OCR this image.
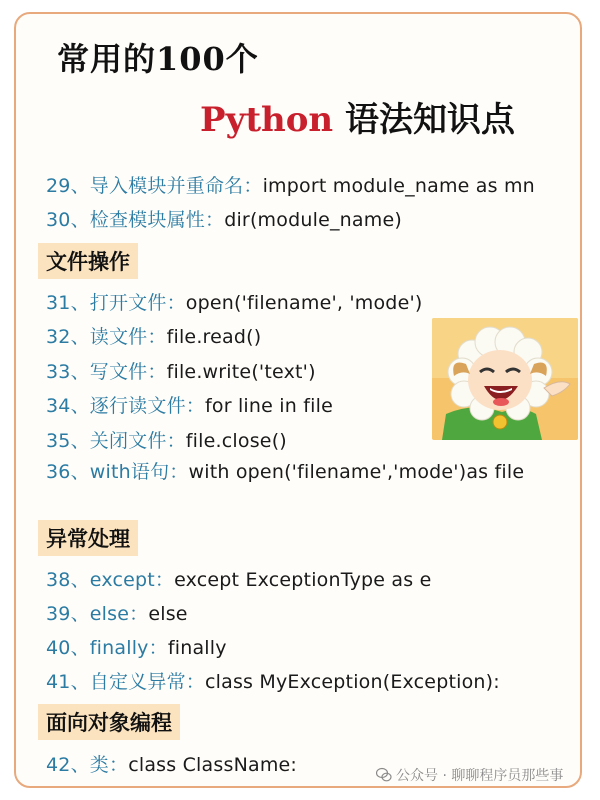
常用的100个
Python 语法知识点
29、导入模块并重命名：import module_name as mn
30、检查模块属性：dir(module_name)
文件操作
31、打开文件：open('filename', 'mode')
32、读文件：file.read()
33、写文件：file.write('text')
34、逐行读文件：for line in file
35、关闭文件：file.close()
36、with语句：with open('filename','mode')as file
异常处理
38、except：except ExceptionType as e
39、else：else
40、finally：finally
41、自定义异常：class MyException(Exception):
面向对象编程
42、类：class ClassName:	公众号 · 聊聊程序员那些事
